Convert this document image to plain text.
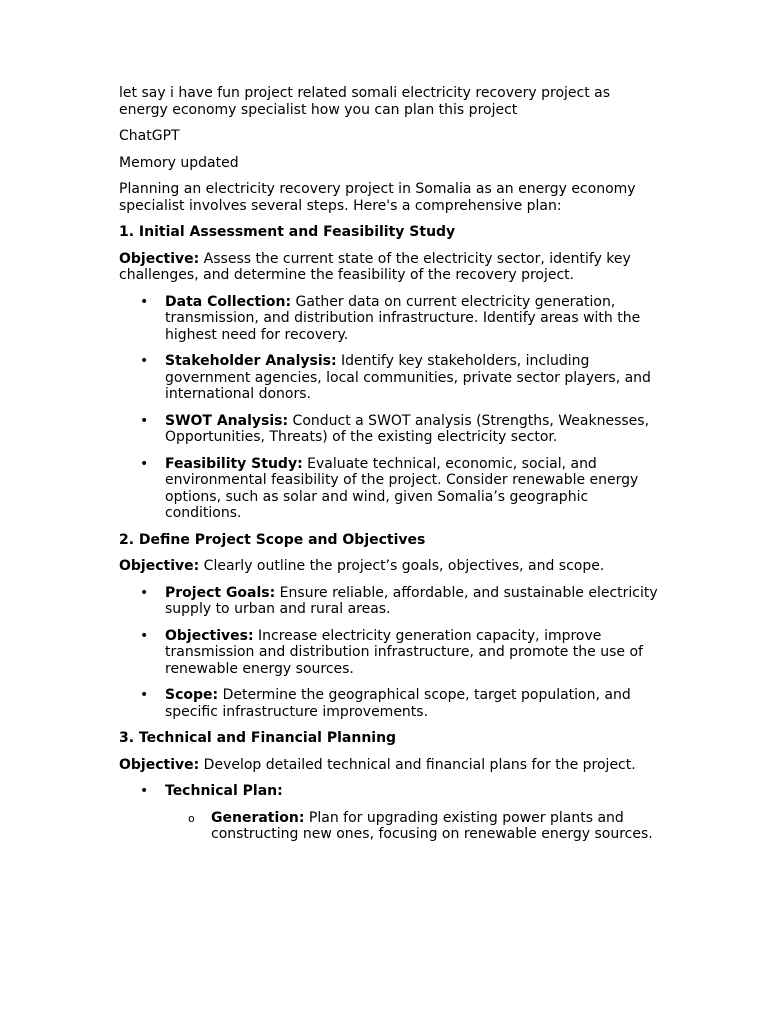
let say i have fun project related somali electricity recovery project as energy economy specialist how you can plan this project

ChatGPT

Memory updated

Planning an electricity recovery project in Somalia as an energy economy specialist involves several steps. Here's a comprehensive plan:

1. Initial Assessment and Feasibility Study

Objective: Assess the current state of the electricity sector, identify key challenges, and determine the feasibility of the recovery project.

• Data Collection: Gather data on current electricity generation, transmission, and distribution infrastructure. Identify areas with the highest need for recovery.
• Stakeholder Analysis: Identify key stakeholders, including government agencies, local communities, private sector players, and international donors.
• SWOT Analysis: Conduct a SWOT analysis (Strengths, Weaknesses, Opportunities, Threats) of the existing electricity sector.
• Feasibility Study: Evaluate technical, economic, social, and environmental feasibility of the project. Consider renewable energy options, such as solar and wind, given Somalia’s geographic conditions.

2. Define Project Scope and Objectives

Objective: Clearly outline the project’s goals, objectives, and scope.

• Project Goals: Ensure reliable, affordable, and sustainable electricity supply to urban and rural areas.
• Objectives: Increase electricity generation capacity, improve transmission and distribution infrastructure, and promote the use of renewable energy sources.
• Scope: Determine the geographical scope, target population, and specific infrastructure improvements.

3. Technical and Financial Planning

Objective: Develop detailed technical and financial plans for the project.

• Technical Plan:
o Generation: Plan for upgrading existing power plants and constructing new ones, focusing on renewable energy sources.
